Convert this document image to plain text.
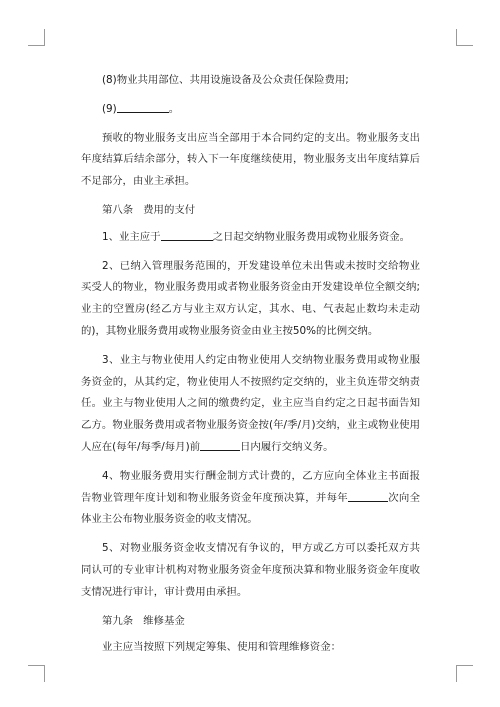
(8)物业共用部位、共用设施设备及公众责任保险费用;

(9)	。

预收的物业服务支出应当全部用于本合同约定的支出。物业服务支出年度结算后结余部分，转入下一年度继续使用，物业服务支出年度结算后不足部分，由业主承担。

第八条 费用的支付

1、业主应于	之日起交纳物业服务费用或物业服务资金。

2、已纳入管理服务范围的，开发建设单位未出售或未按时交给物业买受人的物业，物业服务费用或者物业服务资金由开发建设单位全额交纳;业主的空置房(经乙方与业主双方认定，其水、电、气表起止数均未走动的)，其物业服务费用或物业服务资金由业主按50%的比例交纳。

3、业主与物业使用人约定由物业使用人交纳物业服务费用或物业服务资金的，从其约定，物业使用人不按照约定交纳的，业主负连带交纳责任。业主与物业使用人之间的缴费约定，业主应当自约定之日起书面告知乙方。物业服务费用或者物业服务资金按(年/季/月)交纳，业主或物业使用人应在(每年/每季/每月)前	日内履行交纳义务。

4、物业服务费用实行酬金制方式计费的，乙方应向全体业主书面报告物业管理年度计划和物业服务资金年度预决算，并每年	次向全体业主公布物业服务资金的收支情况。

5、对物业服务资金收支情况有争议的，甲方或乙方可以委托双方共同认可的专业审计机构对物业服务资金年度预决算和物业服务资金年度收支情况进行审计，审计费用由承担。

第九条 维修基金

业主应当按照下列规定筹集、使用和管理维修资金：
